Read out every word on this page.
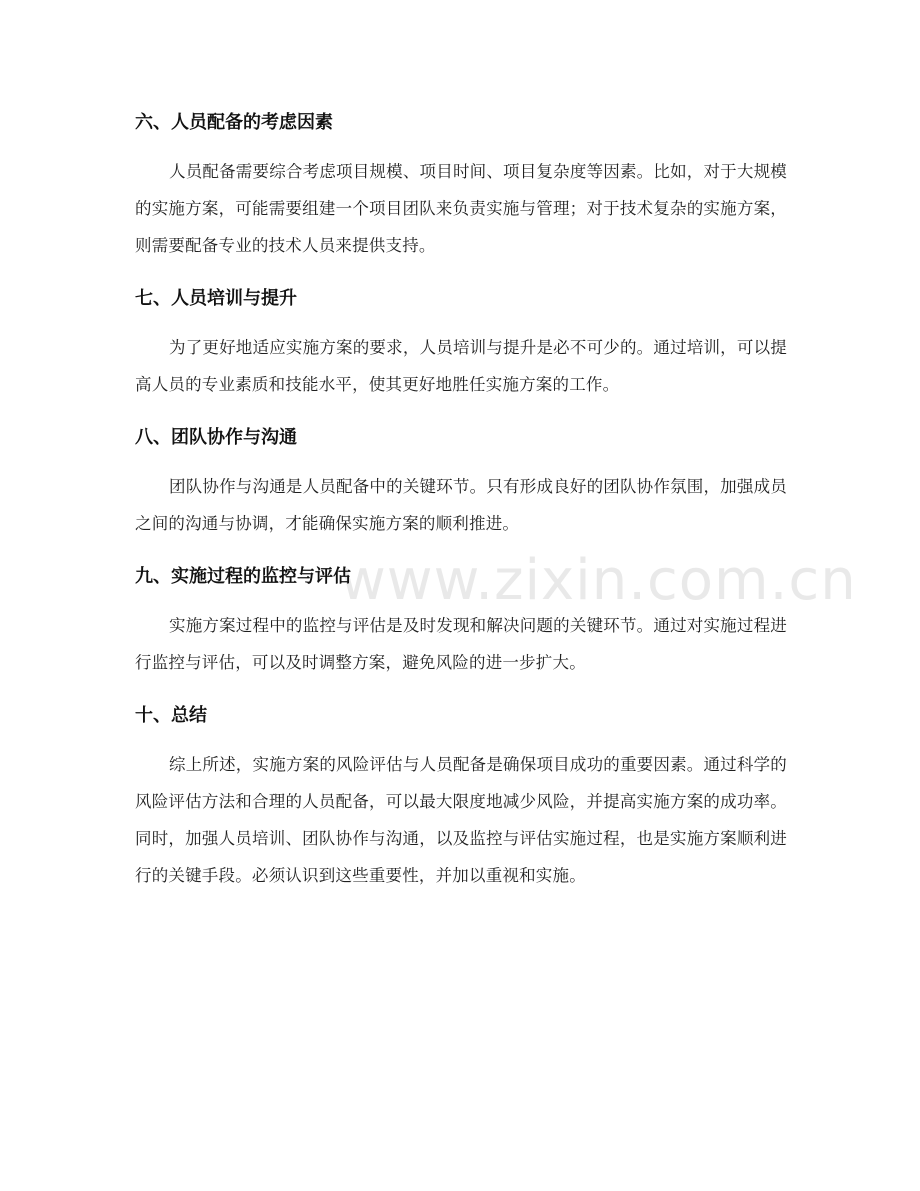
www.zixin.com.cn
六、人员配备的考虑因素

人员配备需要综合考虑项目规模、项目时间、项目复杂度等因素。比如，对于大规模的实施方案，可能需要组建一个项目团队来负责实施与管理；对于技术复杂的实施方案，则需要配备专业的技术人员来提供支持。

七、人员培训与提升

为了更好地适应实施方案的要求，人员培训与提升是必不可少的。通过培训，可以提高人员的专业素质和技能水平，使其更好地胜任实施方案的工作。

八、团队协作与沟通

团队协作与沟通是人员配备中的关键环节。只有形成良好的团队协作氛围，加强成员之间的沟通与协调，才能确保实施方案的顺利推进。

九、实施过程的监控与评估

实施方案过程中的监控与评估是及时发现和解决问题的关键环节。通过对实施过程进行监控与评估，可以及时调整方案，避免风险的进一步扩大。

十、总结

综上所述，实施方案的风险评估与人员配备是确保项目成功的重要因素。通过科学的风险评估方法和合理的人员配备，可以最大限度地减少风险，并提高实施方案的成功率。同时，加强人员培训、团队协作与沟通，以及监控与评估实施过程，也是实施方案顺利进行的关键手段。必须认识到这些重要性，并加以重视和实施。
